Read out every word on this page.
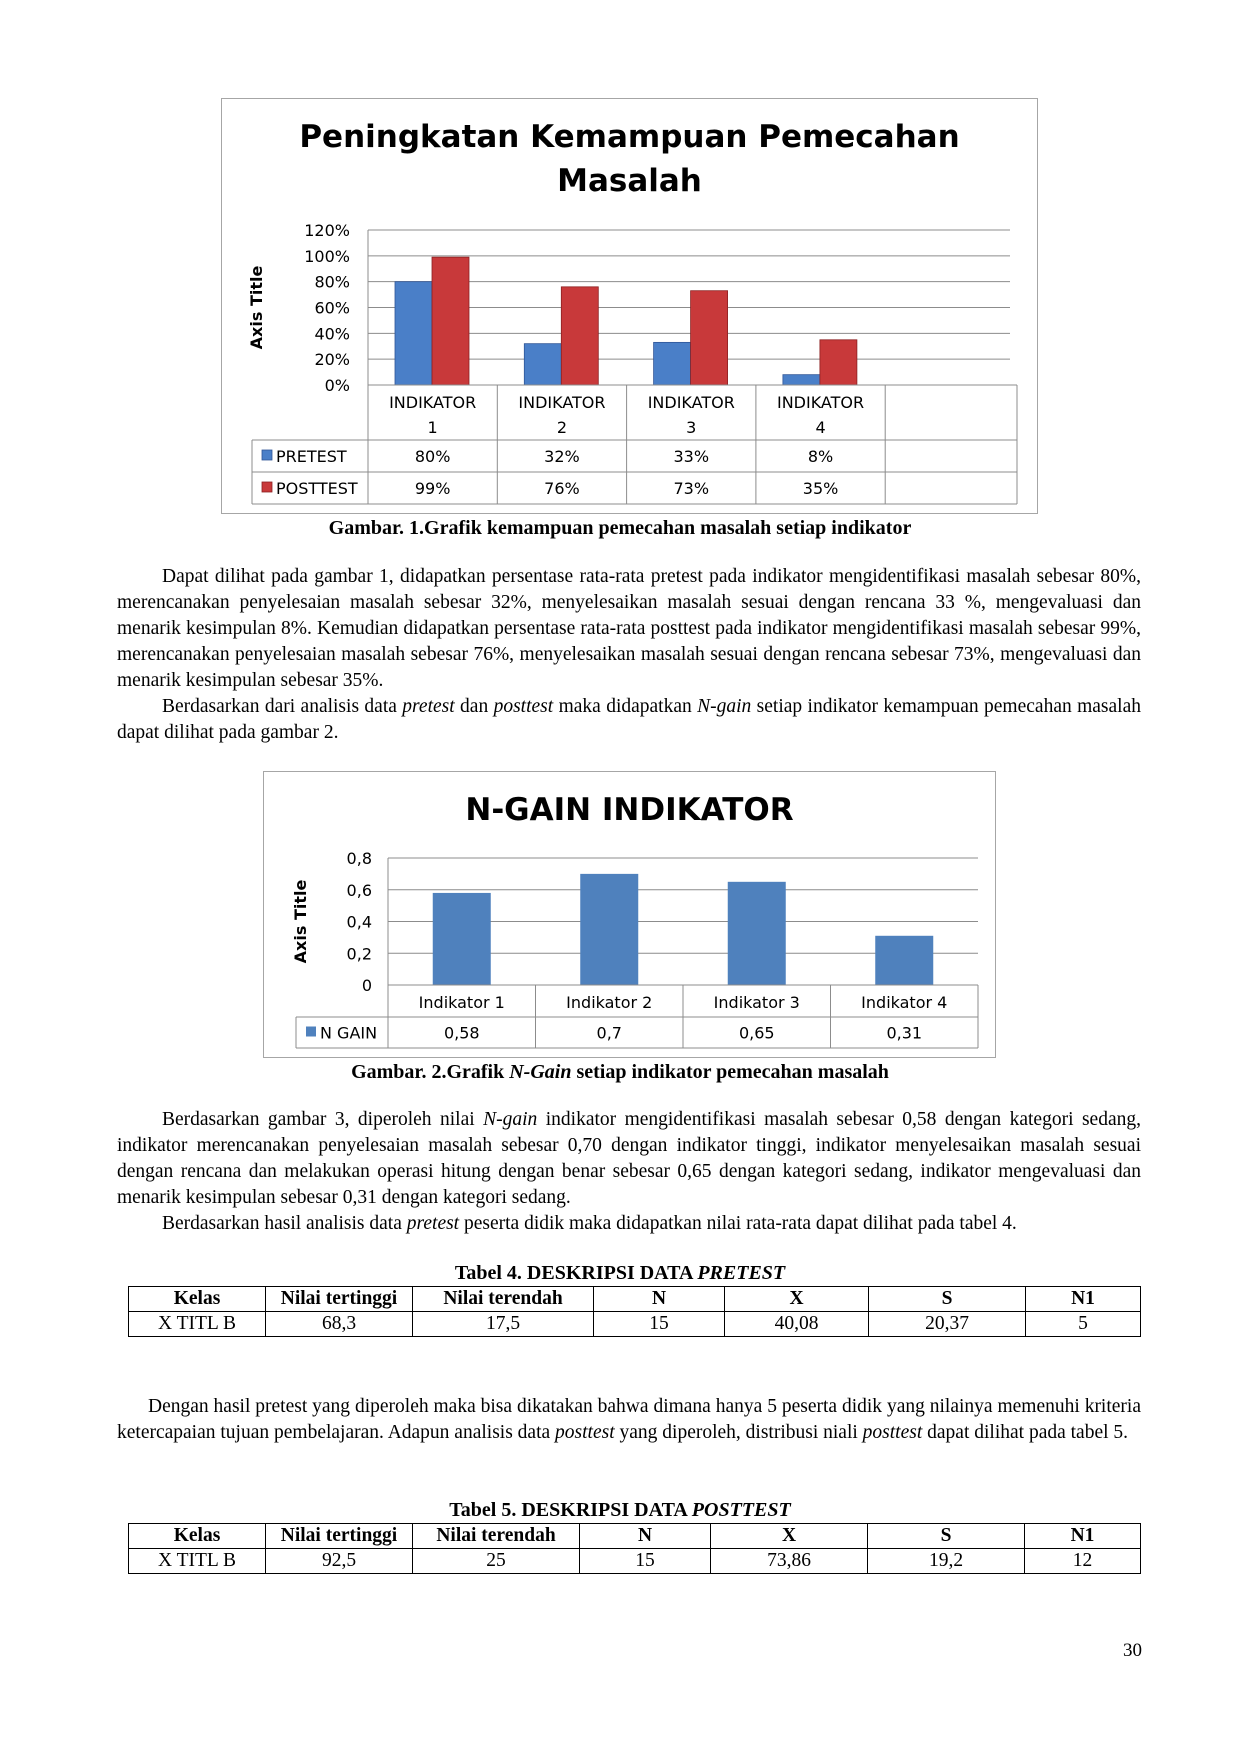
Peningkatan Kemampuan Pemecahan
Masalah
0%
20%
40%
60%
80%
100%
120%
Axis Title
INDIKATOR
1
INDIKATOR
2
INDIKATOR
3
INDIKATOR
4
PRETEST	80%	32%	33%	8%
POSTTEST	99%	76%	73%	35%
Gambar. 1.Grafik kemampuan pemecahan masalah setiap indikator

Dapat dilihat pada gambar 1, didapatkan persentase rata-rata pretest pada indikator mengidentifikasi masalah sebesar 80%, merencanakan penyelesaian masalah sebesar 32%, menyelesaikan masalah sesuai dengan rencana 33 %, mengevaluasi dan menarik kesimpulan 8%. Kemudian didapatkan persentase rata-rata posttest pada indikator mengidentifikasi masalah sebesar 99%, merencanakan penyelesaian masalah sebesar 76%, menyelesaikan masalah sesuai dengan rencana sebesar 73%, mengevaluasi dan menarik kesimpulan sebesar 35%.

Berdasarkan dari analisis data pretest dan posttest maka didapatkan N-gain setiap indikator kemampuan pemecahan masalah dapat dilihat pada gambar 2.

N-GAIN INDIKATOR
0
0,2
0,4
0,6
0,8
Axis Title
Indikator 1	Indikator 2	Indikator 3	Indikator 4
N GAIN	0,58	0,7	0,65	0,31
Gambar. 2.Grafik N-Gain setiap indikator pemecahan masalah

Berdasarkan gambar 3, diperoleh nilai N-gain indikator mengidentifikasi masalah sebesar 0,58 dengan kategori sedang, indikator merencanakan penyelesaian masalah sebesar 0,70 dengan indikator tinggi, indikator menyelesaikan masalah sesuai dengan rencana dan melakukan operasi hitung dengan benar sebesar 0,65 dengan kategori sedang, indikator mengevaluasi dan menarik kesimpulan sebesar 0,31 dengan kategori sedang.

Berdasarkan hasil analisis data pretest peserta didik maka didapatkan nilai rata-rata dapat dilihat pada tabel 4.

Tabel 4. DESKRIPSI DATA PRETEST
Kelas	Nilai tertinggi	Nilai terendah	N	X	S	N1
X TITL B	68,3	17,5	15	40,08	20,37	5

Dengan hasil pretest yang diperoleh maka bisa dikatakan bahwa dimana hanya 5 peserta didik yang nilainya memenuhi kriteria ketercapaian tujuan pembelajaran. Adapun analisis data posttest yang diperoleh, distribusi niali posttest dapat dilihat pada tabel 5.

Tabel 5. DESKRIPSI DATA POSTTEST
Kelas	Nilai tertinggi	Nilai terendah	N	X	S	N1
X TITL B	92,5	25	15	73,86	19,2	12
30
